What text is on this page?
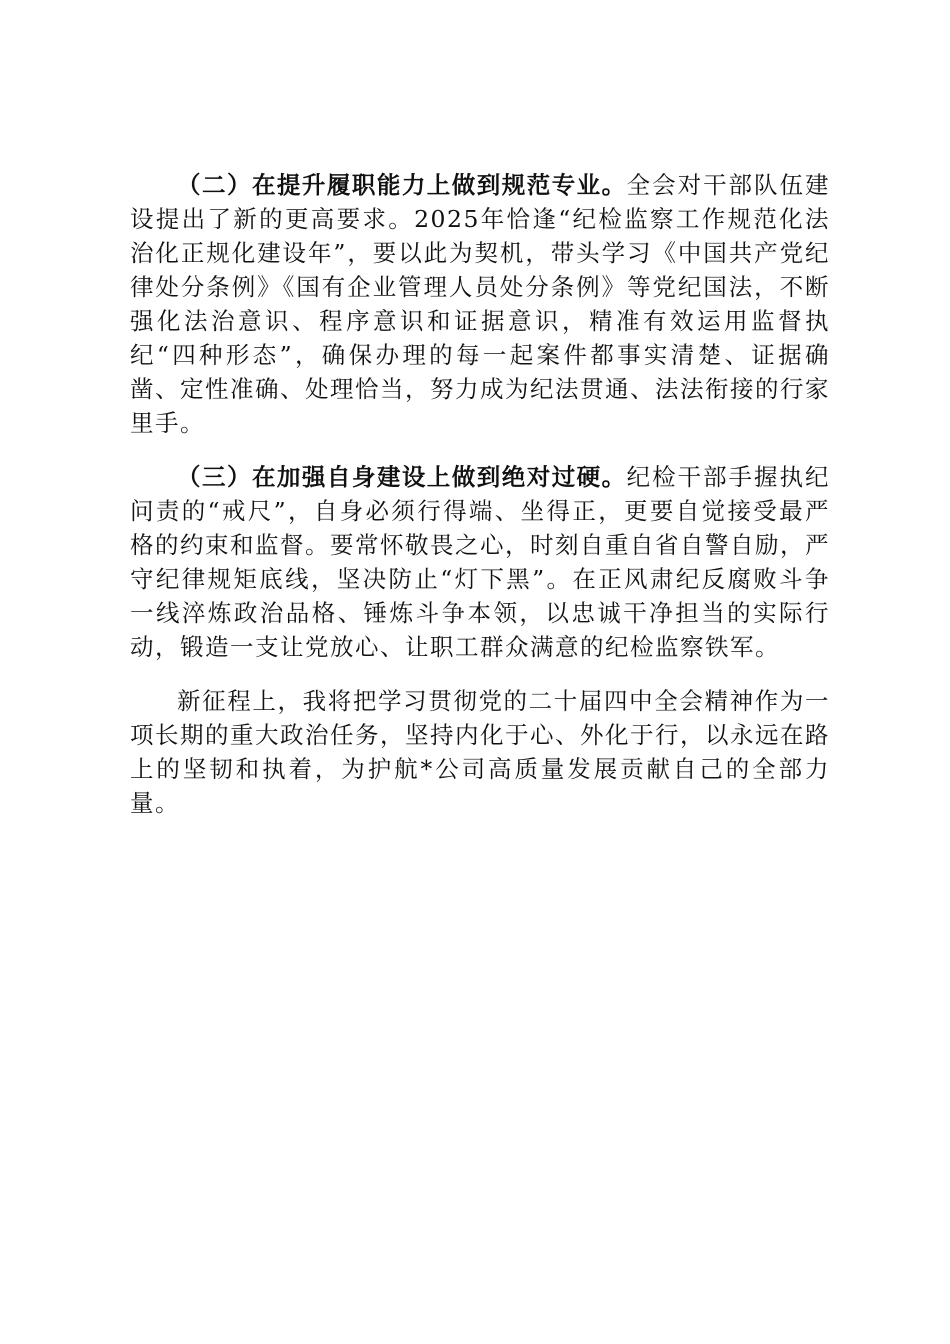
（二）在提升履职能力上做到规范专业。全会对干部队伍建设提出了新的更高要求。2025年恰逢“纪检监察工作规范化法治化正规化建设年”，要以此为契机，带头学习《中国共产党纪律处分条例》《国有企业管理人员处分条例》等党纪国法，不断强化法治意识、程序意识和证据意识，精准有效运用监督执纪“四种形态”，确保办理的每一起案件都事实清楚、证据确凿、定性准确、处理恰当，努力成为纪法贯通、法法衔接的行家里手。

（三）在加强自身建设上做到绝对过硬。纪检干部手握执纪问责的“戒尺”，自身必须行得端、坐得正，更要自觉接受最严格的约束和监督。要常怀敬畏之心，时刻自重自省自警自励，严守纪律规矩底线，坚决防止“灯下黑”。在正风肃纪反腐败斗争一线淬炼政治品格、锤炼斗争本领，以忠诚干净担当的实际行动，锻造一支让党放心、让职工群众满意的纪检监察铁军。

新征程上，我将把学习贯彻党的二十届四中全会精神作为一项长期的重大政治任务，坚持内化于心、外化于行，以永远在路上的坚韧和执着，为护航*公司高质量发展贡献自己的全部力量。
